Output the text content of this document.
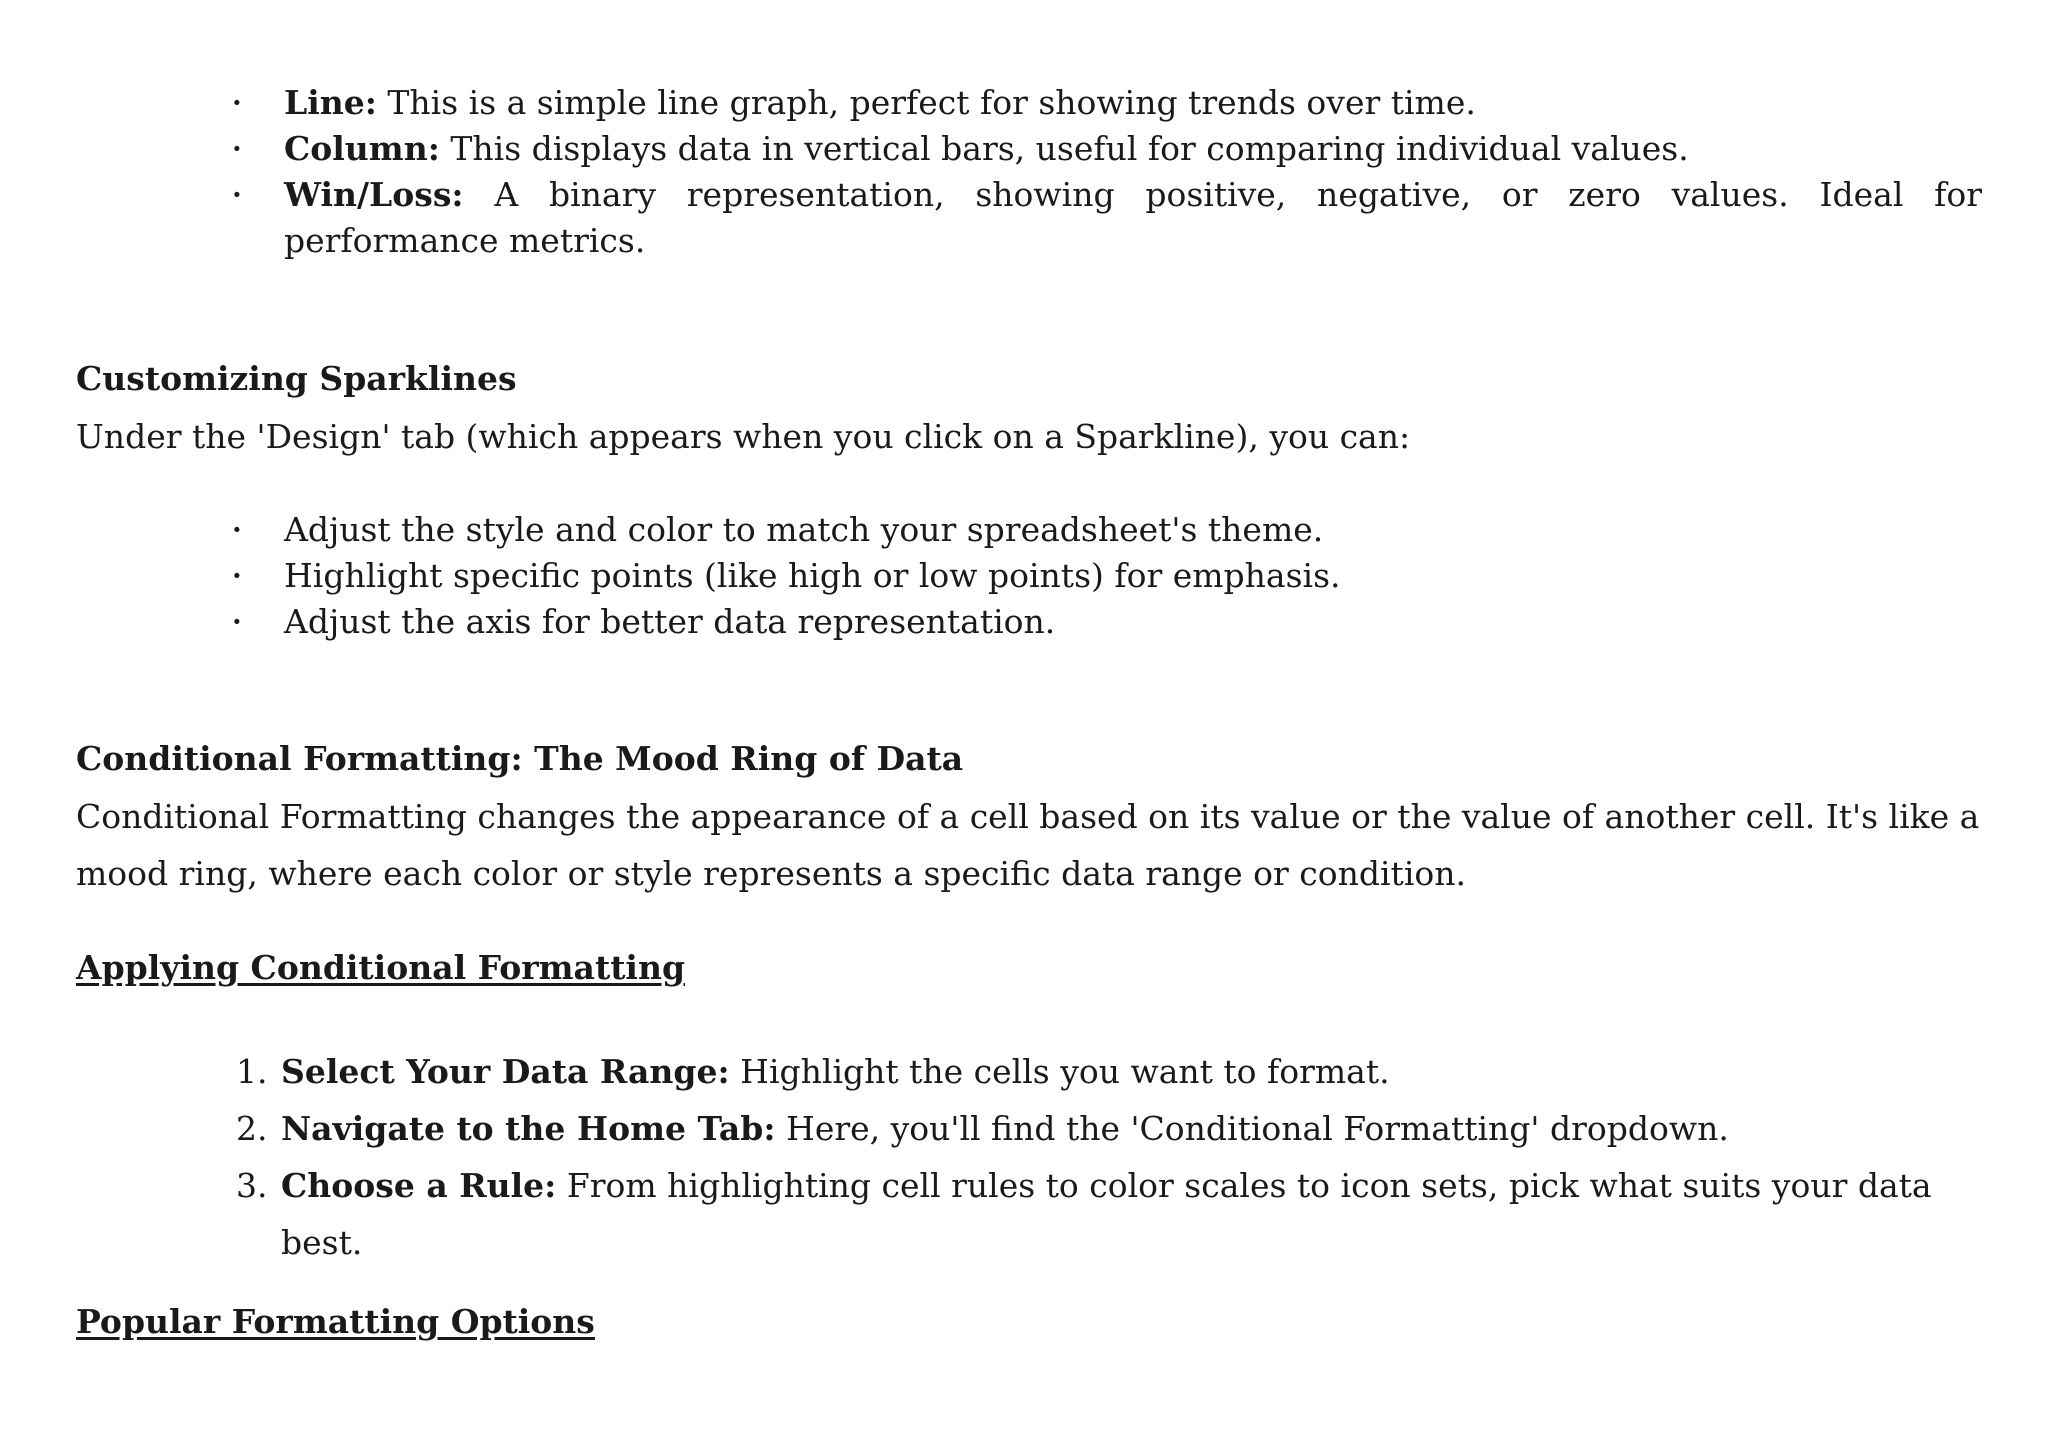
· Line: This is a simple line graph, perfect for showing trends over time.
· Column: This displays data in vertical bars, useful for comparing individual values.
· Win/Loss: A binary representation, showing positive, negative, or zero values. Ideal for performance metrics.
Customizing Sparklines

Under the 'Design' tab (which appears when you click on a Sparkline), you can:

· Adjust the style and color to match your spreadsheet's theme.
· Highlight specific points (like high or low points) for emphasis.
· Adjust the axis for better data representation.
Conditional Formatting: The Mood Ring of Data

Conditional Formatting changes the appearance of a cell based on its value or the value of another cell. It's like a mood ring, where each color or style represents a specific data range or condition.

Applying Conditional Formatting
1. Select Your Data Range: Highlight the cells you want to format.
2. Navigate to the Home Tab: Here, you'll find the 'Conditional Formatting' dropdown.
3. Choose a Rule: From highlighting cell rules to color scales to icon sets, pick what suits your data best.
Popular Formatting Options
